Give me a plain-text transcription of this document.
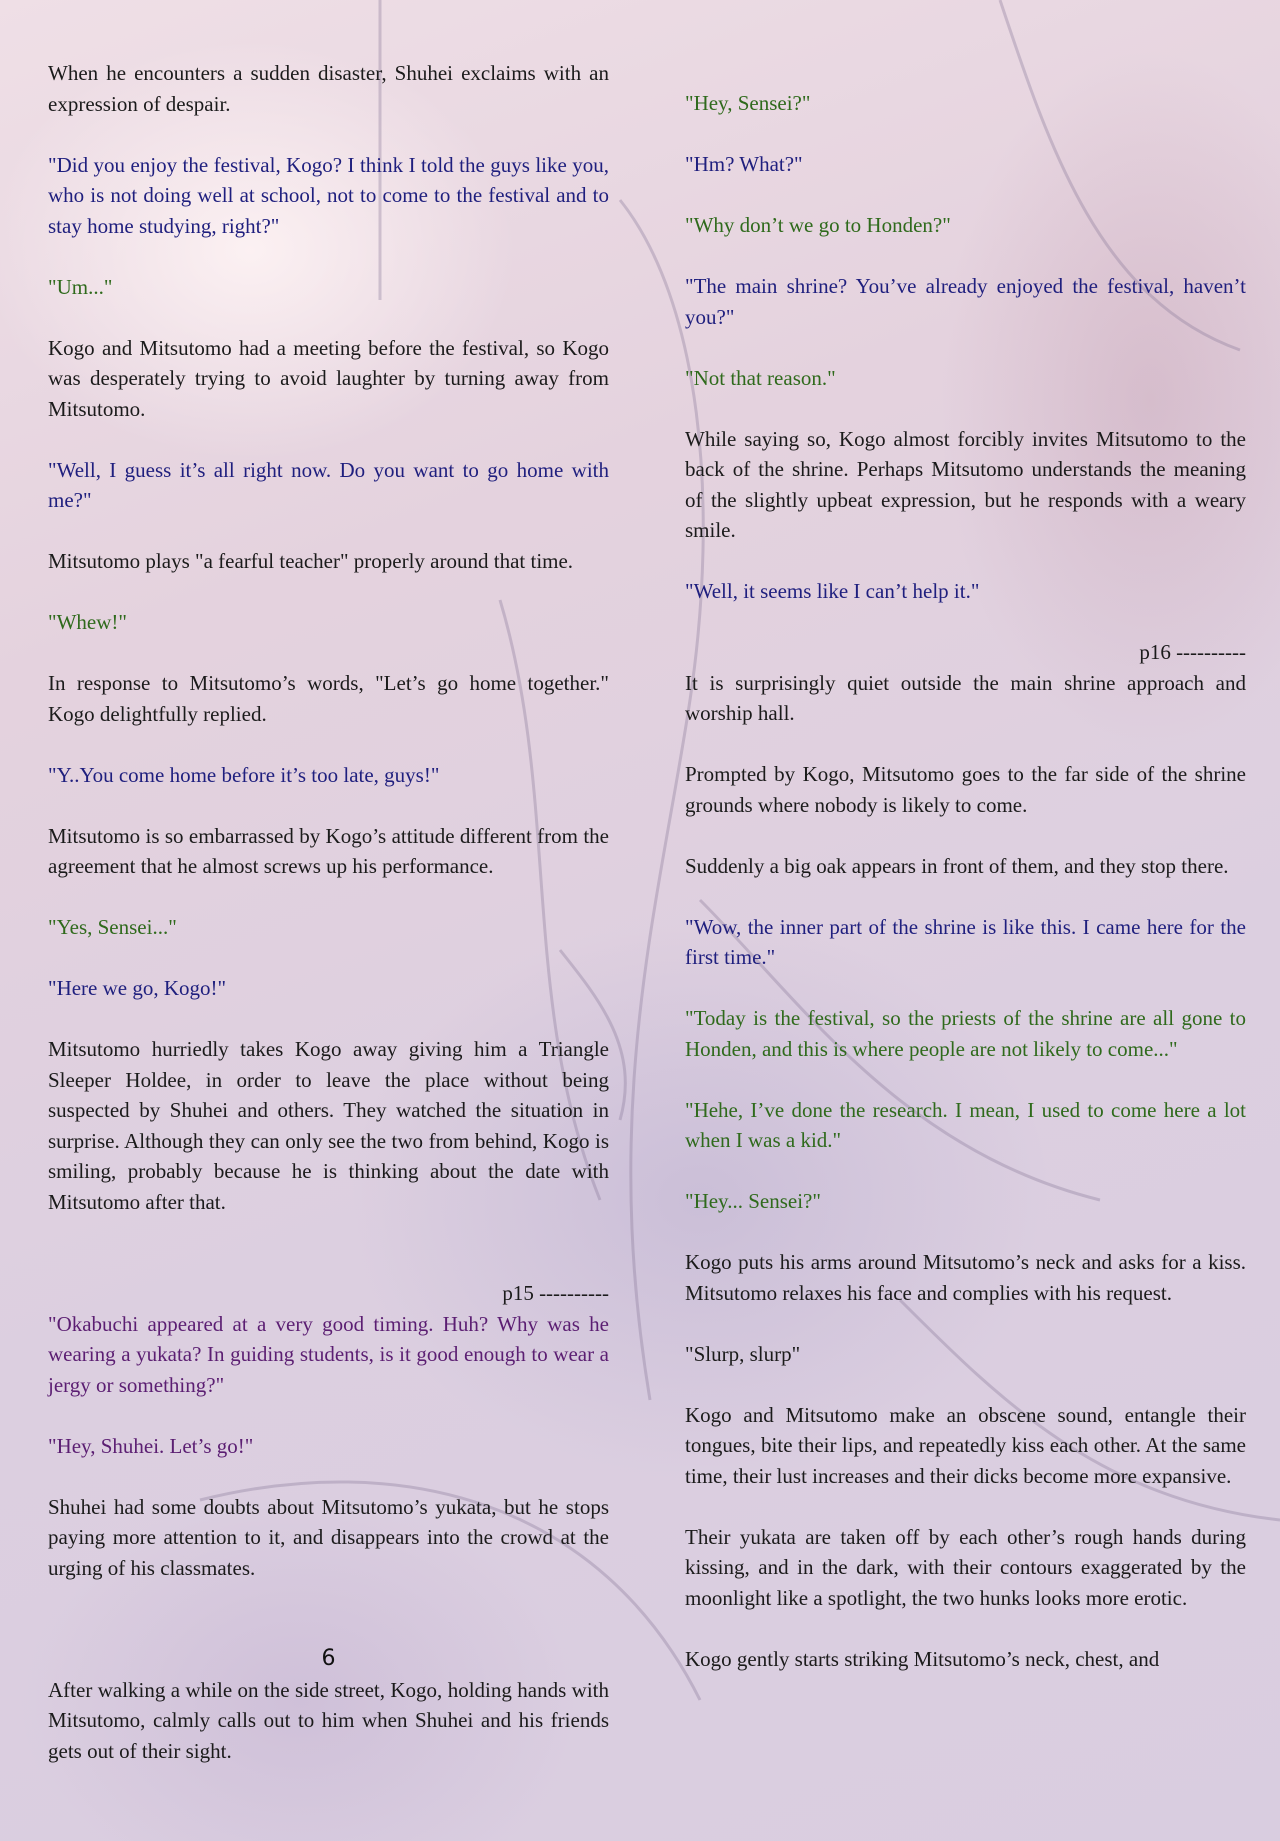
When he encounters a sudden disaster, Shuhei exclaims with an expression of despair.

"Did you enjoy the festival, Kogo? I think I told the guys like you, who is not doing well at school, not to come to the festival and to stay home studying, right?"

"Um..."

Kogo and Mitsutomo had a meeting before the festival, so Kogo was desperately trying to avoid laughter by turning away from Mitsutomo.

"Well, I guess it’s all right now. Do you want to go home with me?"

Mitsutomo plays "a fearful teacher" properly around that time.

"Whew!"

In response to Mitsutomo’s words, "Let’s go home together." Kogo delightfully replied.

"Y..You come home before it’s too late, guys!"

Mitsutomo is so embarrassed by Kogo’s attitude different from the agreement that he almost screws up his performance.

"Yes, Sensei..."

"Here we go, Kogo!"

Mitsutomo hurriedly takes Kogo away giving him a Triangle Sleeper Holdee, in order to leave the place without being suspected by Shuhei and others. They watched the situation in surprise. Although they can only see the two from behind, Kogo is smiling, probably because he is thinking about the date with Mitsutomo after that.

p15 ----------

"Okabuchi appeared at a very good timing. Huh? Why was he wearing a yukata? In guiding students, is it good enough to wear a jergy or something?"

"Hey, Shuhei. Let’s go!"

Shuhei had some doubts about Mitsutomo’s yukata, but he stops paying more attention to it, and disappears into the crowd at the urging of his classmates.

6

After walking a while on the side street, Kogo, holding hands with Mitsutomo, calmly calls out to him when Shuhei and his friends gets out of their sight.

"Hey, Sensei?"

"Hm? What?"

"Why don’t we go to Honden?"

"The main shrine? You’ve already enjoyed the festival, haven’t you?"

"Not that reason."

While saying so, Kogo almost forcibly invites Mitsutomo to the back of the shrine. Perhaps Mitsutomo understands the meaning of the slightly upbeat expression, but he responds with a weary smile.

"Well, it seems like I can’t help it."

p16 ----------

It is surprisingly quiet outside the main shrine approach and worship hall.

Prompted by Kogo, Mitsutomo goes to the far side of the shrine grounds where nobody is likely to come.

Suddenly a big oak appears in front of them, and they stop there.

"Wow, the inner part of the shrine is like this. I came here for the first time."

"Today is the festival, so the priests of the shrine are all gone to Honden, and this is where people are not likely to come..."

"Hehe, I’ve done the research. I mean, I used to come here a lot when I was a kid."

"Hey... Sensei?"

Kogo puts his arms around Mitsutomo’s neck and asks for a kiss. Mitsutomo relaxes his face and complies with his request.

"Slurp, slurp"

Kogo and Mitsutomo make an obscene sound, entangle their tongues, bite their lips, and repeatedly kiss each other. At the same time, their lust increases and their dicks become more expansive.

Their yukata are taken off by each other’s rough hands during kissing, and in the dark, with their contours exaggerated by the moonlight like a spotlight, the two hunks looks more erotic.

Kogo gently starts striking Mitsutomo’s neck, chest, and
